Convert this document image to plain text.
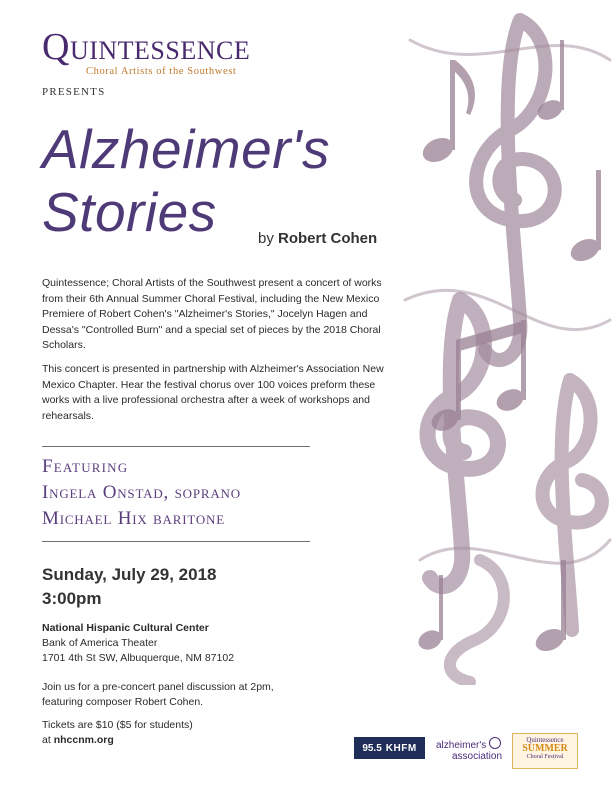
QUINTESSENCE
Choral Artists of the Southwest
PRESENTS
Alzheimer's
Stories	by Robert Cohen
Quintessence; Choral Artists of the Southwest present a concert of works from their 6th Annual Summer Choral Festival, including the New Mexico Premiere of Robert Cohen's "Alzheimer's Stories," Jocelyn Hagen and Dessa's "Controlled Burn" and a special set of pieces by the 2018 Choral Scholars.
This concert is presented in partnership with Alzheimer's Association New Mexico Chapter. Hear the festival chorus over 100 voices preform these works with a live professional orchestra after a week of workshops and rehearsals.
Featuring
Ingela Onstad, soprano
Michael Hix baritone
Sunday, July 29, 2018
3:00pm
National Hispanic Cultural Center
Bank of America Theater
1701 4th St SW, Albuquerque, NM 87102
Join us for a pre-concert panel discussion at 2pm,
featuring composer Robert Cohen.
Tickets are $10 ($5 for students)
at nhccnm.org
95.5 KHFM alzheimer's
association
Quintessence
SUMMER
Choral Festival
